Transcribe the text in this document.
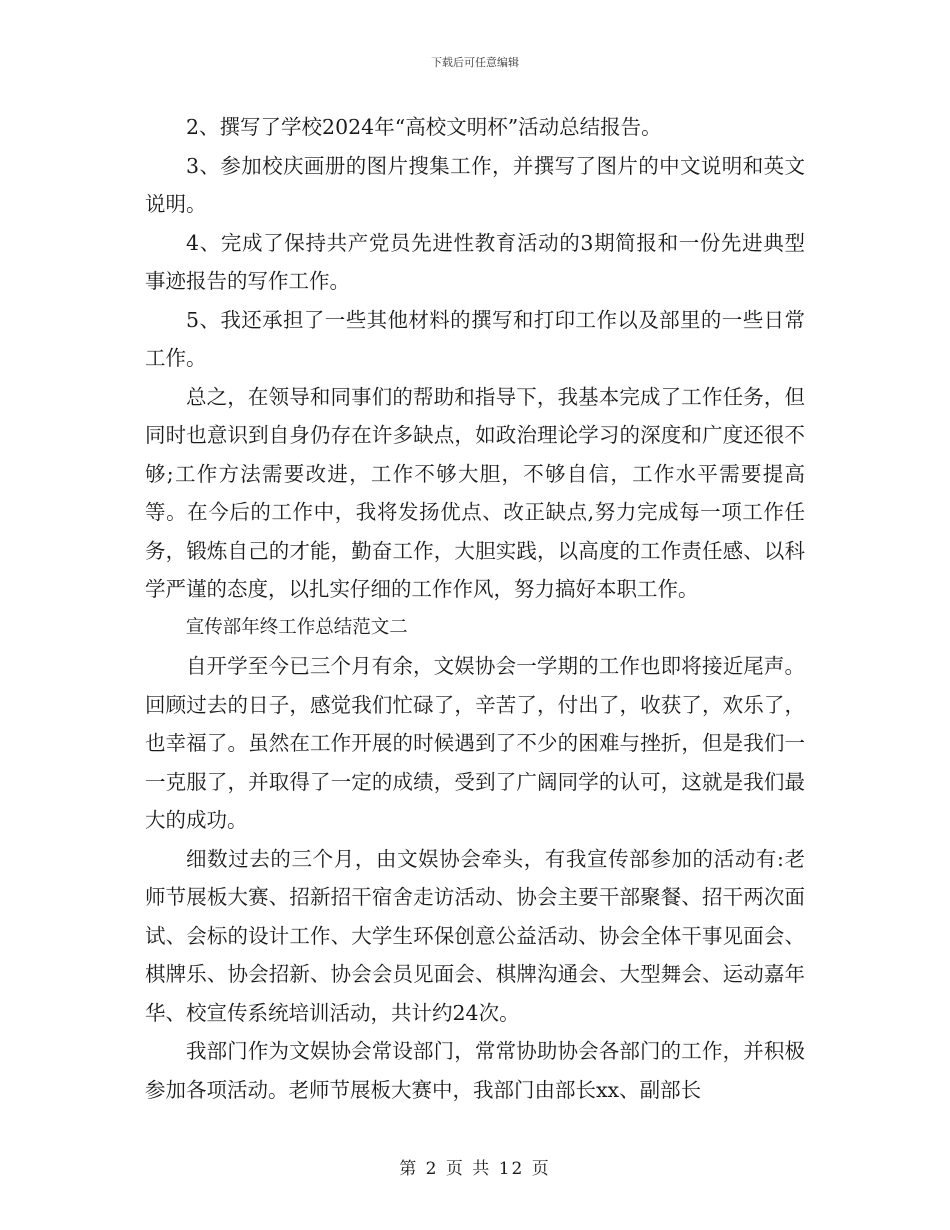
下载后可任意编辑

2、撰写了学校2024年“高校文明杯”活动总结报告。

3、参加校庆画册的图片搜集工作，并撰写了图片的中文说明和英文说明。

4、完成了保持共产党员先进性教育活动的3期简报和一份先进典型事迹报告的写作工作。

5、我还承担了一些其他材料的撰写和打印工作以及部里的一些日常工作。

总之，在领导和同事们的帮助和指导下，我基本完成了工作任务，但同时也意识到自身仍存在许多缺点，如政治理论学习的深度和广度还很不够;工作方法需要改进，工作不够大胆，不够自信，工作水平需要提高等。在今后的工作中，我将发扬优点、改正缺点,努力完成每一项工作任务，锻炼自己的才能，勤奋工作，大胆实践，以高度的工作责任感、以科学严谨的态度，以扎实仔细的工作作风，努力搞好本职工作。

宣传部年终工作总结范文二

自开学至今已三个月有余，文娱协会一学期的工作也即将接近尾声。回顾过去的日子，感觉我们忙碌了，辛苦了，付出了，收获了，欢乐了，也幸福了。虽然在工作开展的时候遇到了不少的困难与挫折，但是我们一一克服了，并取得了一定的成绩，受到了广阔同学的认可，这就是我们最大的成功。

细数过去的三个月，由文娱协会牵头，有我宣传部参加的活动有:老师节展板大赛、招新招干宿舍走访活动、协会主要干部聚餐、招干两次面试、会标的设计工作、大学生环保创意公益活动、协会全体干事见面会、棋牌乐、协会招新、协会会员见面会、棋牌沟通会、大型舞会、运动嘉年华、校宣传系统培训活动，共计约24次。

我部门作为文娱协会常设部门，常常协助协会各部门的工作，并积极参加各项活动。老师节展板大赛中，我部门由部长xx、副部长

第 2 页 共 12 页
